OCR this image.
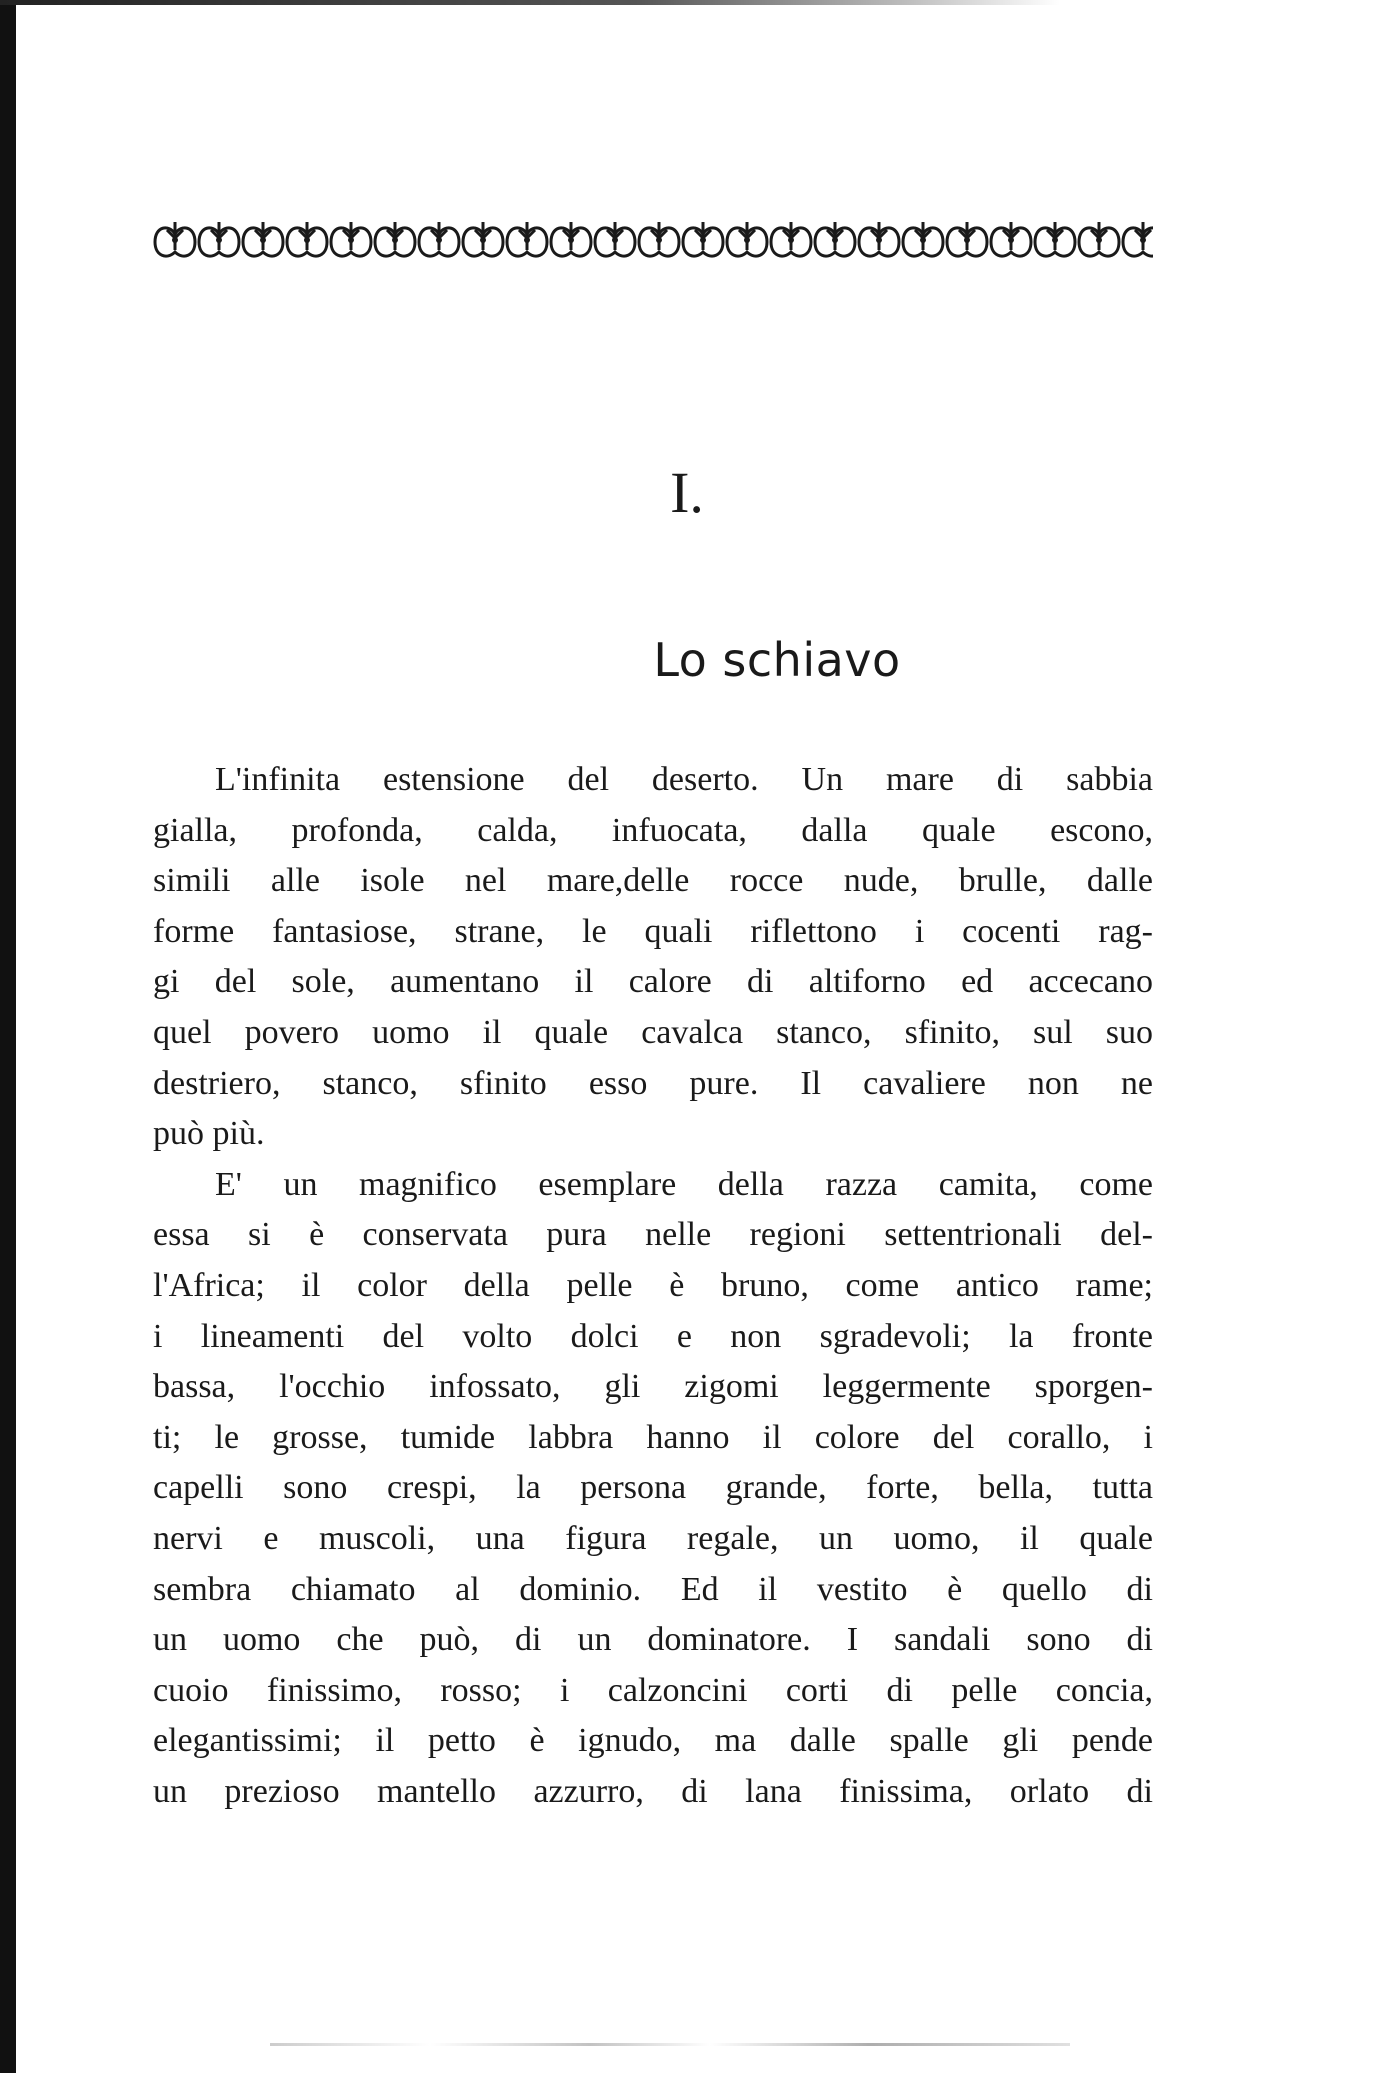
I.
Lo schiavo
L'infinita estensione del deserto. Un mare di sabbia
gialla, profonda, calda, infuocata, dalla quale escono,
simili alle isole nel mare,delle rocce nude, brulle, dalle
forme fantasiose, strane, le quali riflettono i cocenti rag-
gi del sole, aumentano il calore di altiforno ed accecano
quel povero uomo il quale cavalca stanco, sfinito, sul suo
destriero, stanco, sfinito esso pure. Il cavaliere non ne
può più.
E' un magnifico esemplare della razza camita, come
essa si è conservata pura nelle regioni settentrionali del-
l'Africa; il color della pelle è bruno, come antico rame;
i lineamenti del volto dolci e non sgradevoli; la fronte
bassa, l'occhio infossato, gli zigomi leggermente sporgen-
ti; le grosse, tumide labbra hanno il colore del corallo, i
capelli sono crespi, la persona grande, forte, bella, tutta
nervi e muscoli, una figura regale, un uomo, il quale
sembra chiamato al dominio. Ed il vestito è quello di
un uomo che può, di un dominatore. I sandali sono di
cuoio finissimo, rosso; i calzoncini corti di pelle concia,
elegantissimi; il petto è ignudo, ma dalle spalle gli pende
un prezioso mantello azzurro, di lana finissima, orlato di
